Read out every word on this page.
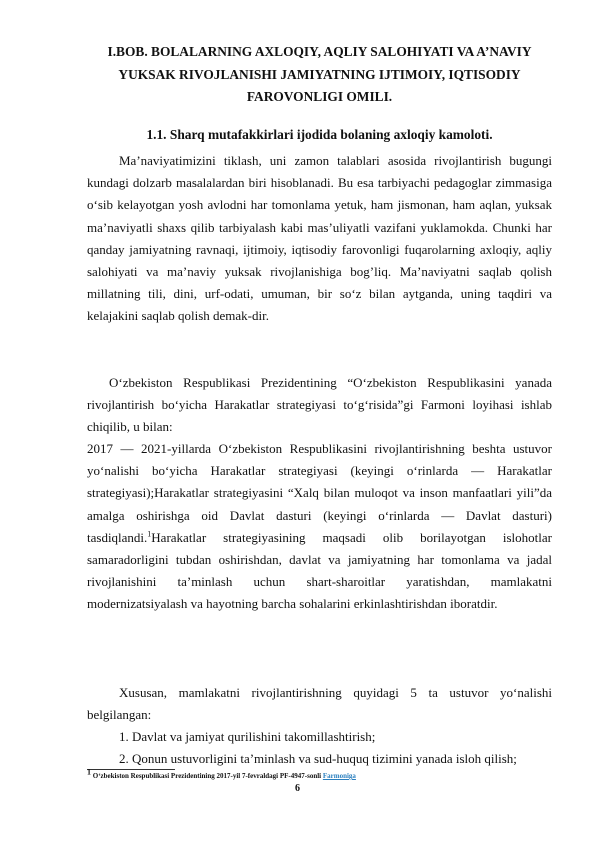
I.BOB. BOLALARNING AXLOQIY, AQLIY SALOHIYATI VA A’NAVIY YUKSAK RIVOJLANISHI JAMIYATNING IJTIMOIY, IQTISODIY FAROVONLIGI OMILI.
1.1. Sharq mutafakkirlari ijodida bolaning axloqiy kamoloti.

Ma’naviyatimizini tiklash, uni zamon talablari asosida rivojlantirish bugungi kundagi dolzarb masalalardan biri hisoblanadi. Bu esa tarbiyachi pedagoglar zimmasiga o‘sib kelayotgan yosh avlodni har tomonlama yetuk, ham jismonan, ham aqlan, yuksak ma’naviyatli shaxs qilib tarbiyalash kabi mas’uliyatli vazifani yuklamokda. Chunki har qanday jamiyatning ravnaqi, ijtimoiy, iqtisodiy farovonligi fuqarolarning axloqiy, aqliy salohiyati va ma’naviy yuksak rivojlanishiga bog’liq. Ma’naviyatni saqlab qolish millatning tili, dini, urf-odati, umuman, bir so‘z bilan aytganda, uning taqdiri va kelajakini saqlab qolish demak-dir.

O‘zbekiston Respublikasi Prezidentining “O‘zbekiston Respublikasini yanada rivojlantirish bo‘yicha Harakatlar strategiyasi to‘g‘risida”gi Farmoni loyihasi ishlab chiqilib, u bilan:

2017 — 2021-yillarda O‘zbekiston Respublikasini rivojlantirishning beshta ustuvor yo‘nalishi bo‘yicha Harakatlar strategiyasi (keyingi o‘rinlarda — Harakatlar strategiyasi);Harakatlar strategiyasini “Xalq bilan muloqot va inson manfaatlari yili”da amalga oshirishga oid Davlat dasturi (keyingi o‘rinlarda — Davlat dasturi) tasdiqlandi.$^1$Harakatlar strategiyasining maqsadi olib borilayotgan islohotlar samaradorligini tubdan oshirishdan, davlat va jamiyatning har tomonlama va jadal rivojlanishini ta’minlash uchun shart-sharoitlar yaratishdan, mamlakatni modernizatsiyalash va hayotning barcha sohalarini erkinlashtirishdan iboratdir.

Xususan, mamlakatni rivojlantirishning quyidagi 5 ta ustuvor yo‘nalishi belgilangan:

1. Davlat va jamiyat qurilishini takomillashtirish;
2. Qonun ustuvorligini ta’minlash va sud-huquq tizimini yanada isloh qilish;
$^1$ O‘zbekiston Respublikasi Prezidentining 2017-yil 7-fevraldagi PF-4947-sonli Farmoniga
6
